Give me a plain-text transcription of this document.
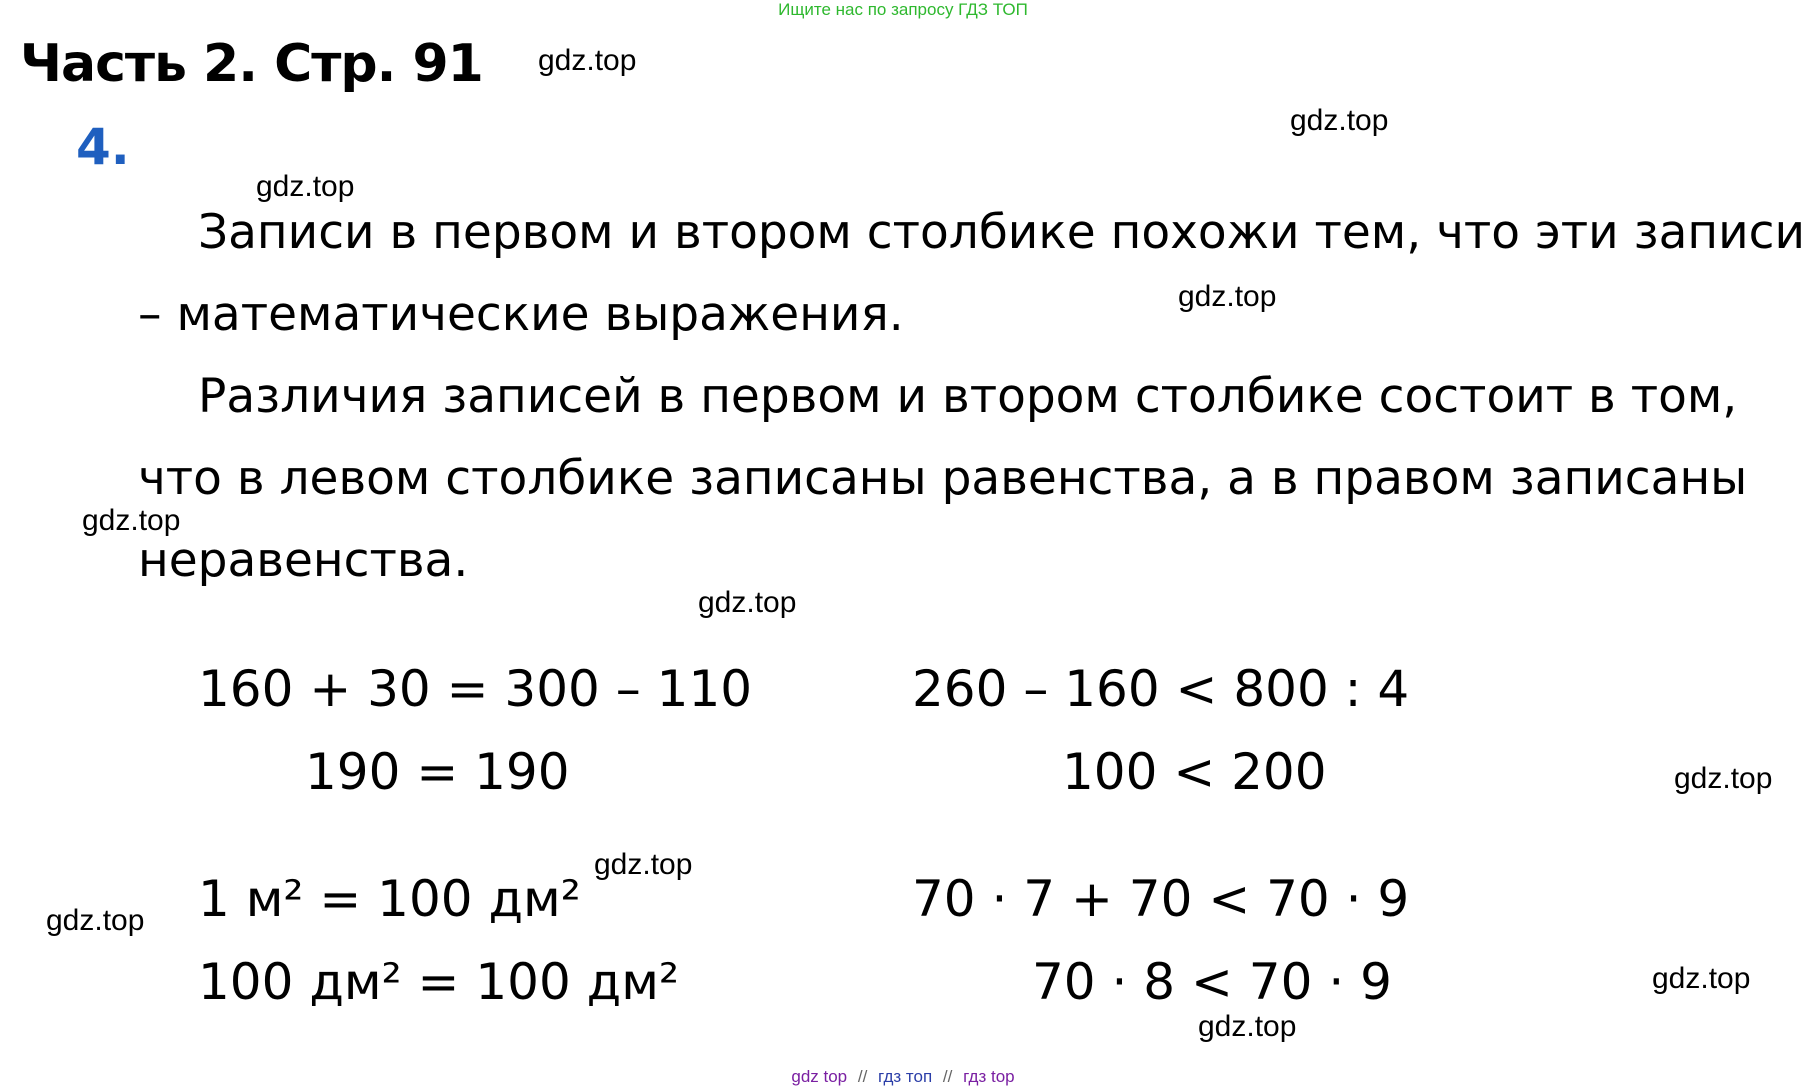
Ищите нас по запросу ГДЗ ТОП
Часть 2. Стр. 91
4.
Записи в первом и втором столбике похожи тем, что эти записи
– математические выражения.
Различия записей в первом и втором столбике состоит в том,
что в левом столбике записаны равенства, а в правом записаны
неравенства.
160 + 30 = 300 – 110
190 = 190
1 м² = 100 дм²
100 дм² = 100 дм²
260 – 160 < 800 : 4
100 < 200
70 · 7 + 70 < 70 · 9
70 · 8 < 70 · 9
gdz.top
gdz.top
gdz.top
gdz.top
gdz.top
gdz.top
gdz.top
gdz.top
gdz.top
gdz.top
gdz.top
gdz top // гдз топ // гдз top
